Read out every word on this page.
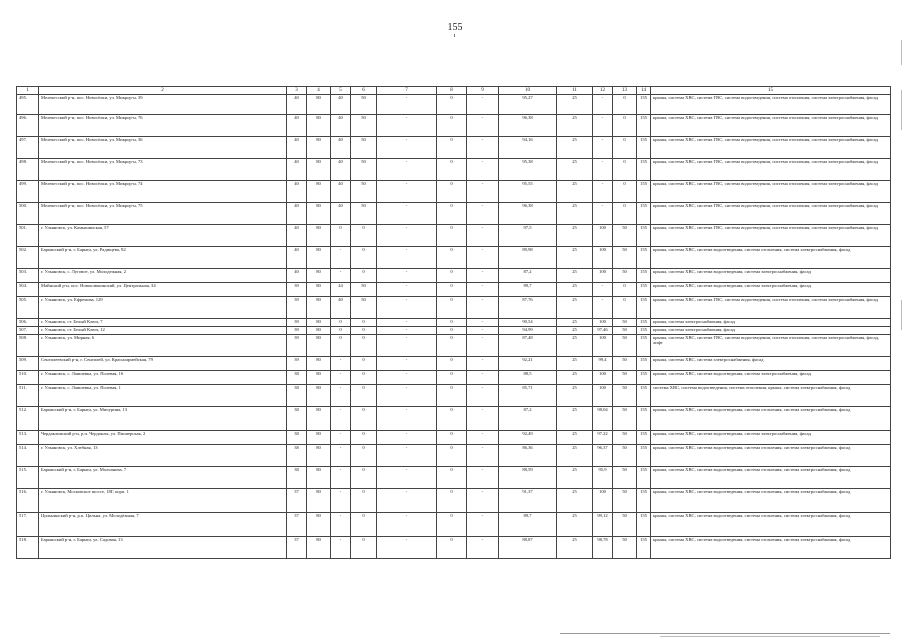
155
1	2	3	4	5	6	7	8	9	10	11	12	13	14	15
495.	Мелекесский р-н, пос. Новосёлки, ул. Микрор-н, 39	40	80	40	50	-	0	-	95,27	25	-	0	155	крыша, система ХВС, система ГВС, система водоотведения, система отопления, система электроснабжения, фасад
496.	Мелекесский р-н, пос. Новосёлки, ул. Микрор-н, 76	40	80	40	50	-	0	-	96,38	25	-	0	155	крыша, система ХВС, система ГВС, система водоотведения, система отопления, система электроснабжения, фасад
497.	Мелекесский р-н, пос. Новосёлки, ул. Микрор-н, 36	40	80	40	50	-	0	-	94,16	25	-	0	155	крыша, система ХВС, система ГВС, система водоотведения, система отопления, система электроснабжения, фасад
498.	Мелекесский р-н, пос. Новосёлки, ул. Микрор-н, 73	40	80	40	50	-	0	-	95,38	25	-	0	155	крыша, система ХВС, система ГВС, система водоотведения, система отопления, система электроснабжения, фасад
499.	Мелекесский р-н, пос. Новосёлки, ул. Микрор-н, 74	40	80	40	50	-	0	-	95,55	25	-	0	155	крыша, система ХВС, система ГВС, система водоотведения, система отопления, система электроснабжения, фасад
500.	Мелекесский р-н, пос. Новосёлки, ул. Микрор-н, 75	40	80	40	50	-	0	-	96,38	25	-	0	155	крыша, система ХВС, система ГВС, система водоотведения, система отопления, система электроснабжения, фасад
501.	г. Ульяновск, ул. Камышинская, 57	40	80	0	0	-	0	-	97,5	25	100	50	155	крыша, система ХВС, система ГВС, система водоотведения, система отопления, система электроснабжения, фасад
502.	Барышский р-н, г. Барыш, ул. Радищева, 82	40	80	-	0	-	0	-	89,98	25	100	50	155	крыша, система ХВС, система водоотведения, система отопления, система электроснабжения, фасад
503.	г. Ульяновск, с. Луговое, ул. Молодежная, 2	40	80	-	0	-	0	-	87,2	25	100	50	155	крыша, система ХВС, система водоотведения, система электроснабжения, фасад
504.	Майнский р-н, пос. Новоклюкинский, ул. Центральная, 34	39	80	44	50	-	0	-	89,7	25	-	0	155	крыша, система ХВС, система водоотведения, система электроснабжения, фасад
505.	г. Ульяновск, ул. Ефремова, 129	39	80	40	50	-	0	-	87,76	25	-	0	155	крыша, система ХВС, система ГВС, система водоотведения, система отопления, система электроснабжения, фасад
506.	г. Ульяновск, ст. Белый Ключ, 7	39	80	0	0	-	0	-	90,54	25	100	50	155	крыша, система электроснабжения, фасад
507.	г. Ульяновск, ст. Белый Ключ, 12	39	80	0	0	-	0	-	94,99	25	97,46	50	155	крыша, система электроснабжения, фасад
508.	г. Ульяновск, ул. Мирная, 6	39	80	0	0	-	0	-	87,48	25	100	50	155	крыша, система ХВС, система ГВС, система водоотведения, система отопления, система электроснабжения, фасад, лифт
509.	Сенгилеевский р-н, г. Сенгилей, ул. Красноармейская, 79	39	80	-	0	-	0	-	92,21	25	99,4	50	155	крыша, система ХВС, система электроснабжения, фасад
510.	г. Ульяновск, с. Лаишевка, ул. Полевая, 16	38	80	-	0	-	0	-	88,5	25	100	50	155	крыша, система ХВС, система водоотведения, система электроснабжения, фасад
511.	г. Ульяновск, с. Лаишевка, ул. Полевая, 1	38	80	-	0	-	0	-	85,71	25	100	50	155	система ХВС, система водоотведения, система отопления, крыша, система электроснабжения, фасад
512.	Барышский р-н, г. Барыш, ул. Мичурина, 13	38	80	-	0	-	0	-	87,2	25	98,04	50	155	крыша, система ХВС, система водоотведения, система отопления, система электроснабжения, фасад
513.	Чердаклинский р-н, р.п. Чердаклы, ул. Пионерская, 2	38	80	-	0	-	0	-	92,49	25	97,22	50	155	крыша, система ХВС, система водоотведения, система электроснабжения, фасад
514.	г. Ульяновск, ул. Хлебная, 13	38	80	-	0	-	0	-	86,36	25	96,37	50	155	крыша, система ХВС, система водоотведения, система отопления, система электроснабжения, фасад
515.	Барышский р-н, г. Барыш, ул. Молчанова, 7	38	80	-	0	-	0	-	88,59	25	95,9	50	155	крыша, система ХВС, система водоотведения, система отопления, система электроснабжения, фасад
516.	г. Ульяновск, Московское шоссе, 18Г, корп. 1	37	80	-	0	-	0	-	91,37	25	100	50	155	крыша, система ХВС, система водоотведения, система отопления, система электроснабжения, фасад
517.	Цильнинский р-н, р.п. Цильна, ул. Молодёжная, 7	37	80	-	0	-	0	-	89,7	25	99,12	50	155	крыша, система ХВС, система водоотведения, система отопления, система электроснабжения, фасад
518.	Барышский р-н, г. Барыш, ул. Садовая, 13	37	80	-	0	-	0	-	88,87	25	98,78	50	155	крыша, система ХВС, система водоотведения, система отопления, система электроснабжения, фасад
